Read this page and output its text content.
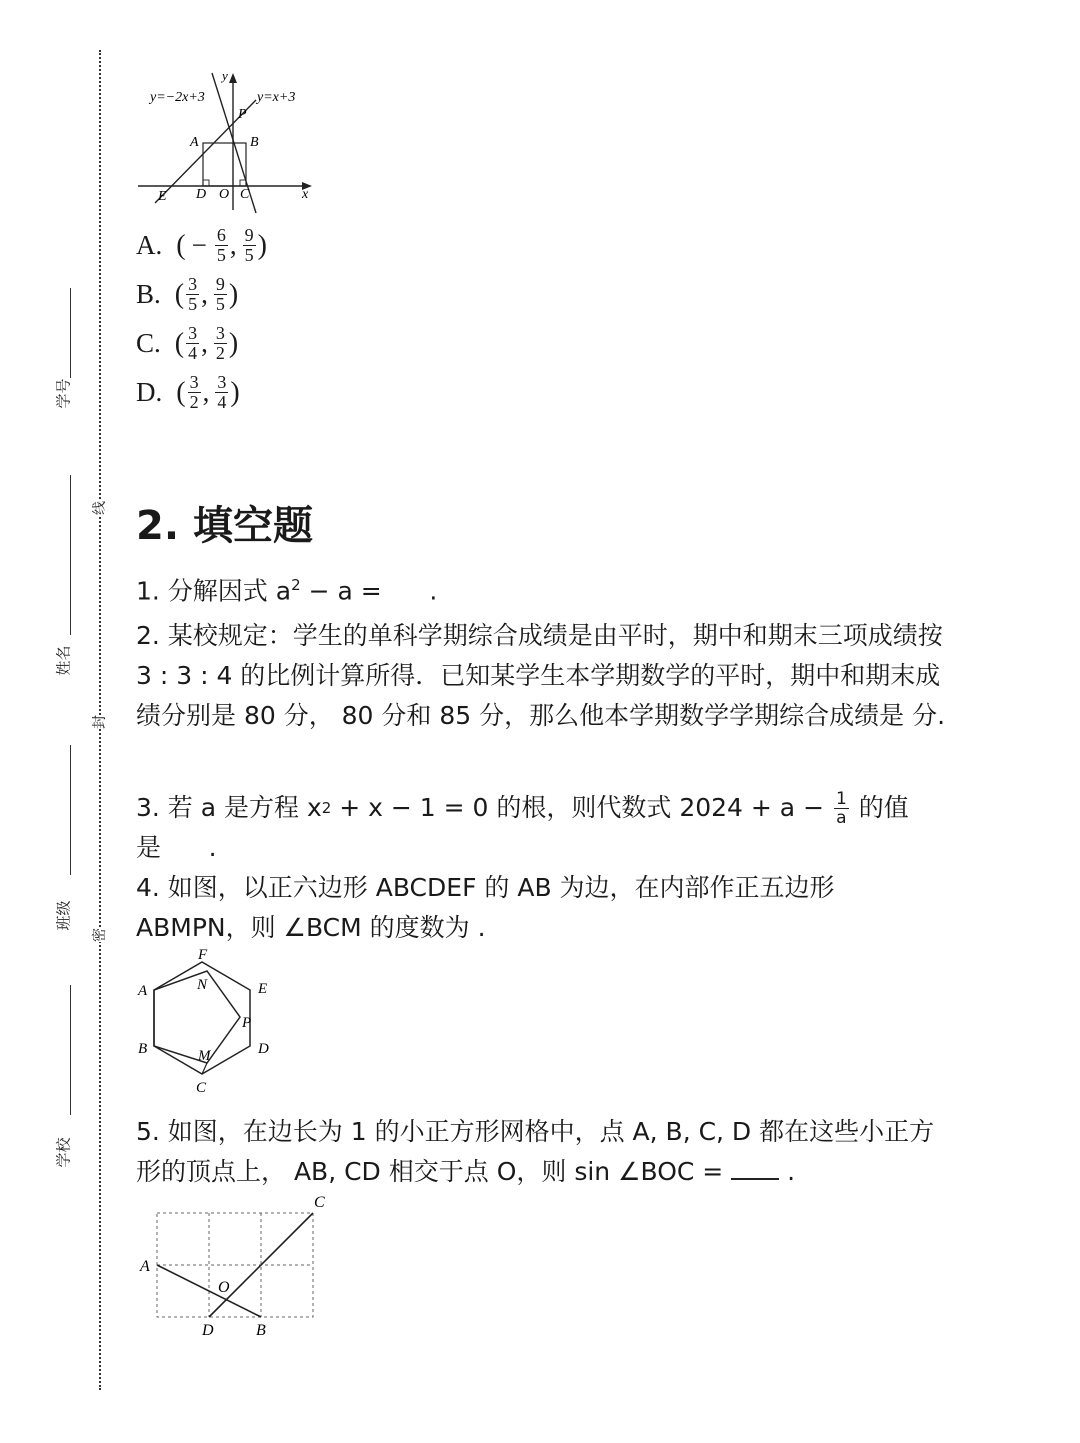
学号
姓名
班级
学校
线
封
密
y=−2x+3	y=x+3
y
x
P
A	B
E D O C
A. ( − $\frac{6}{5}$ , $\frac{9}{5}$ )
B. ( $\frac{3}{5}$ , $\frac{9}{5}$ )
C. ( $\frac{3}{4}$ , $\frac{3}{2}$ )
D. ( $\frac{3}{2}$ , $\frac{3}{4}$ )
2. 填空题
1. 分解因式 $a^2 - a$ =      .
2. 某校规定：学生的单科学期综合成绩是由平时，期中和期末三项成绩按 3 : 3 : 4 的比例计算所得．已知某学生本学期数学的平时，期中和期末成绩分别是 80 分， 80 分和 85 分，那么他本学期数学学期综合成绩是 分.
3. 若 a 是方程 x 2 + x − 1 = 0 的根，则代数式 $2024 + a - \frac{1}{a}$ 的值
是      .
4. 如图，以正六边形 ABCDEF 的 AB 为边，在内部作正五边形 ABMPN，则 ∠BCM 的度数为 .
F
A	N	E
P
B	M	D
C
5. 如图，在边长为 1 的小正方形网格中，点 A, B, C, D 都在这些小正方形的顶点上， AB, CD 相交于点 O，则 sin ∠BOC =  .
C
A
O
D	B
